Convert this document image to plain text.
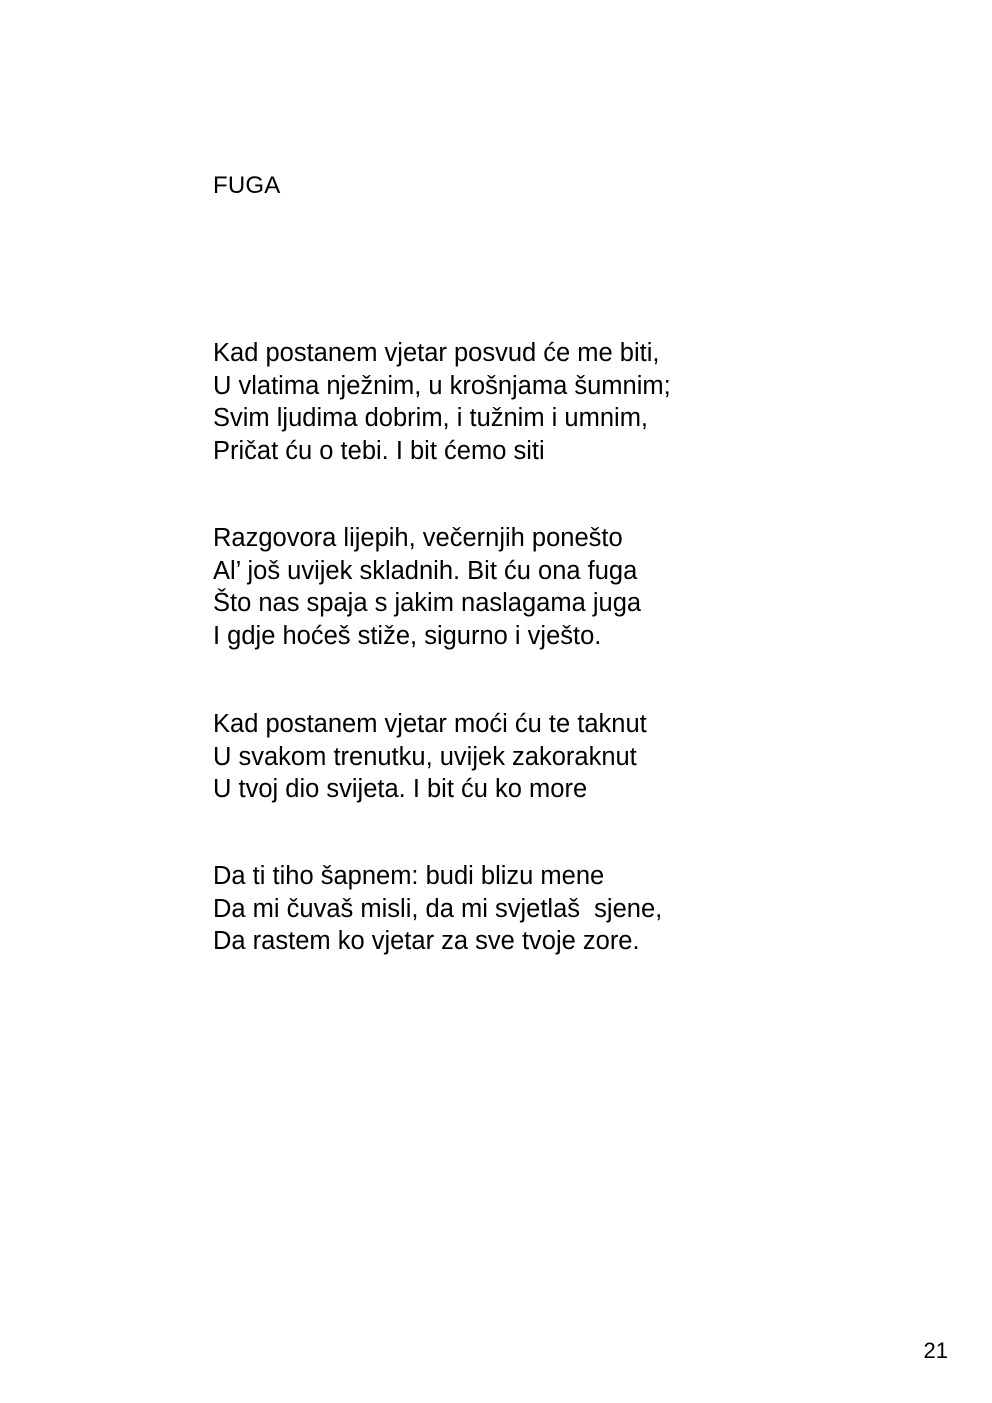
FUGA
Kad postanem vjetar posvud će me biti,
U vlatima nježnim, u krošnjama šumnim;
Svim ljudima dobrim, i tužnim i umnim,
Pričat ću o tebi. I bit ćemo siti
Razgovora lijepih, večernjih ponešto
Al’ još uvijek skladnih. Bit ću ona fuga
Što nas spaja s jakim naslagama juga
I gdje hoćeš stiže, sigurno i vješto.
Kad postanem vjetar moći ću te taknut
U svakom trenutku, uvijek zakoraknut
U tvoj dio svijeta. I bit ću ko more
Da ti tiho šapnem: budi blizu mene
Da mi čuvaš misli, da mi svjetlaš  sjene,
Da rastem ko vjetar za sve tvoje zore.
21
